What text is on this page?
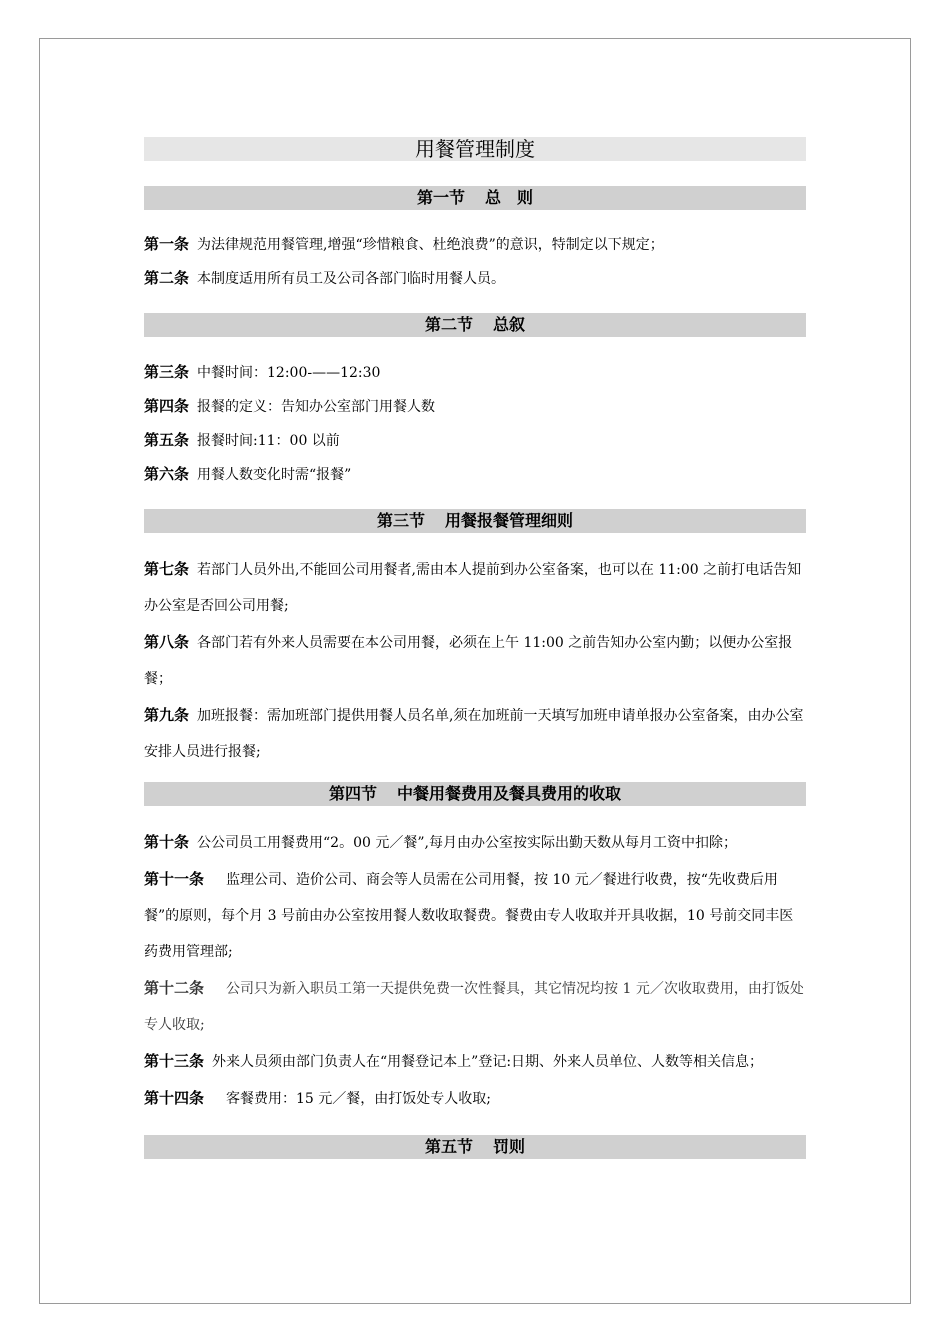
用餐管理制度
第一节 总　则

第一条 为法律规范用餐管理,增强“珍惜粮食、杜绝浪费”的意识，特制定以下规定；

第二条 本制度适用所有员工及公司各部门临时用餐人员。

第二节 总叙

第三条 中餐时间：12:00-——12:30

第四条 报餐的定义：告知办公室部门用餐人数

第五条 报餐时间:11：00 以前

第六条 用餐人数变化时需“报餐”

第三节 用餐报餐管理细则

第七条 若部门人员外出,不能回公司用餐者,需由本人提前到办公室备案，也可以在 11:00 之前打电话告知办公室是否回公司用餐;

第八条 各部门若有外来人员需要在本公司用餐，必须在上午 11:00 之前告知办公室内勤；以便办公室报餐；

第九条 加班报餐：需加班部门提供用餐人员名单,须在加班前一天填写加班申请单报办公室备案，由办公室安排人员进行报餐;

第四节 中餐用餐费用及餐具费用的收取

第十条 公公司员工用餐费用“2。00 元／餐”,每月由办公室按实际出勤天数从每月工资中扣除；

第十一条　监理公司、造价公司、商会等人员需在公司用餐，按 10 元／餐进行收费，按“先收费后用餐”的原则，每个月 3 号前由办公室按用餐人数收取餐费。餐费由专人收取并开具收据，10 号前交同丰医药费用管理部;

第十二条　公司只为新入职员工第一天提供免费一次性餐具，其它情况均按 1 元／次收取费用，由打饭处专人收取;

第十三条 外来人员须由部门负责人在“用餐登记本上”登记:日期、外来人员单位、人数等相关信息；

第十四条　客餐费用：15 元／餐，由打饭处专人收取;

第五节 罚则
